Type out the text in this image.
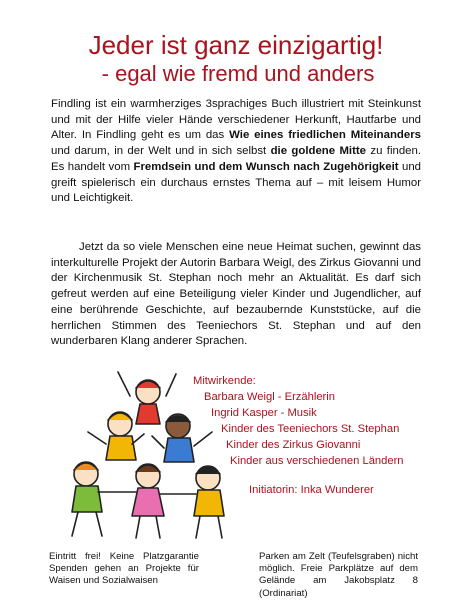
Jeder ist ganz einzigartig!
- egal wie fremd und anders

Findling ist ein warmherziges 3sprachiges Buch illustriert mit Steinkunst und mit der Hilfe vieler Hände verschiedener Herkunft, Hautfarbe und Alter. In Findling geht es um das Wie eines friedlichen Miteinanders und darum, in der Welt und in sich selbst die goldene Mitte zu finden. Es handelt vom Fremdsein und dem Wunsch nach Zugehörigkeit und greift spielerisch ein durchaus ernstes Thema auf – mit leisem Humor und Leichtigkeit.

Jetzt da so viele Menschen eine neue Heimat suchen, gewinnt das interkulturelle Projekt der Autorin Barbara Weigl, des Zirkus Giovanni und der Kirchenmusik St. Stephan noch mehr an Aktualität. Es darf sich gefreut werden auf eine Beteiligung vieler Kinder und Jugendlicher, auf eine berührende Geschichte, auf bezaubernde Kunststücke, auf die herrlichen Stimmen des Teeniechors St. Stephan und auf den wunderbaren Klang anderer Sprachen.

Mitwirkende:
Barbara Weigl - Erzählerin
Ingrid Kasper - Musik
Kinder des Teeniechors St. Stephan
Kinder des Zirkus Giovanni
Kinder aus verschiedenen Ländern
Initiatorin: Inka Wunderer

Eintritt frei! Keine Platzgarantie Spenden gehen an Projekte für Waisen und Sozialwaisen

Parken am Zelt (Teufelsgraben) nicht möglich. Freie Parkplätze auf dem Gelände am Jakobsplatz 8 (Ordinariat)
